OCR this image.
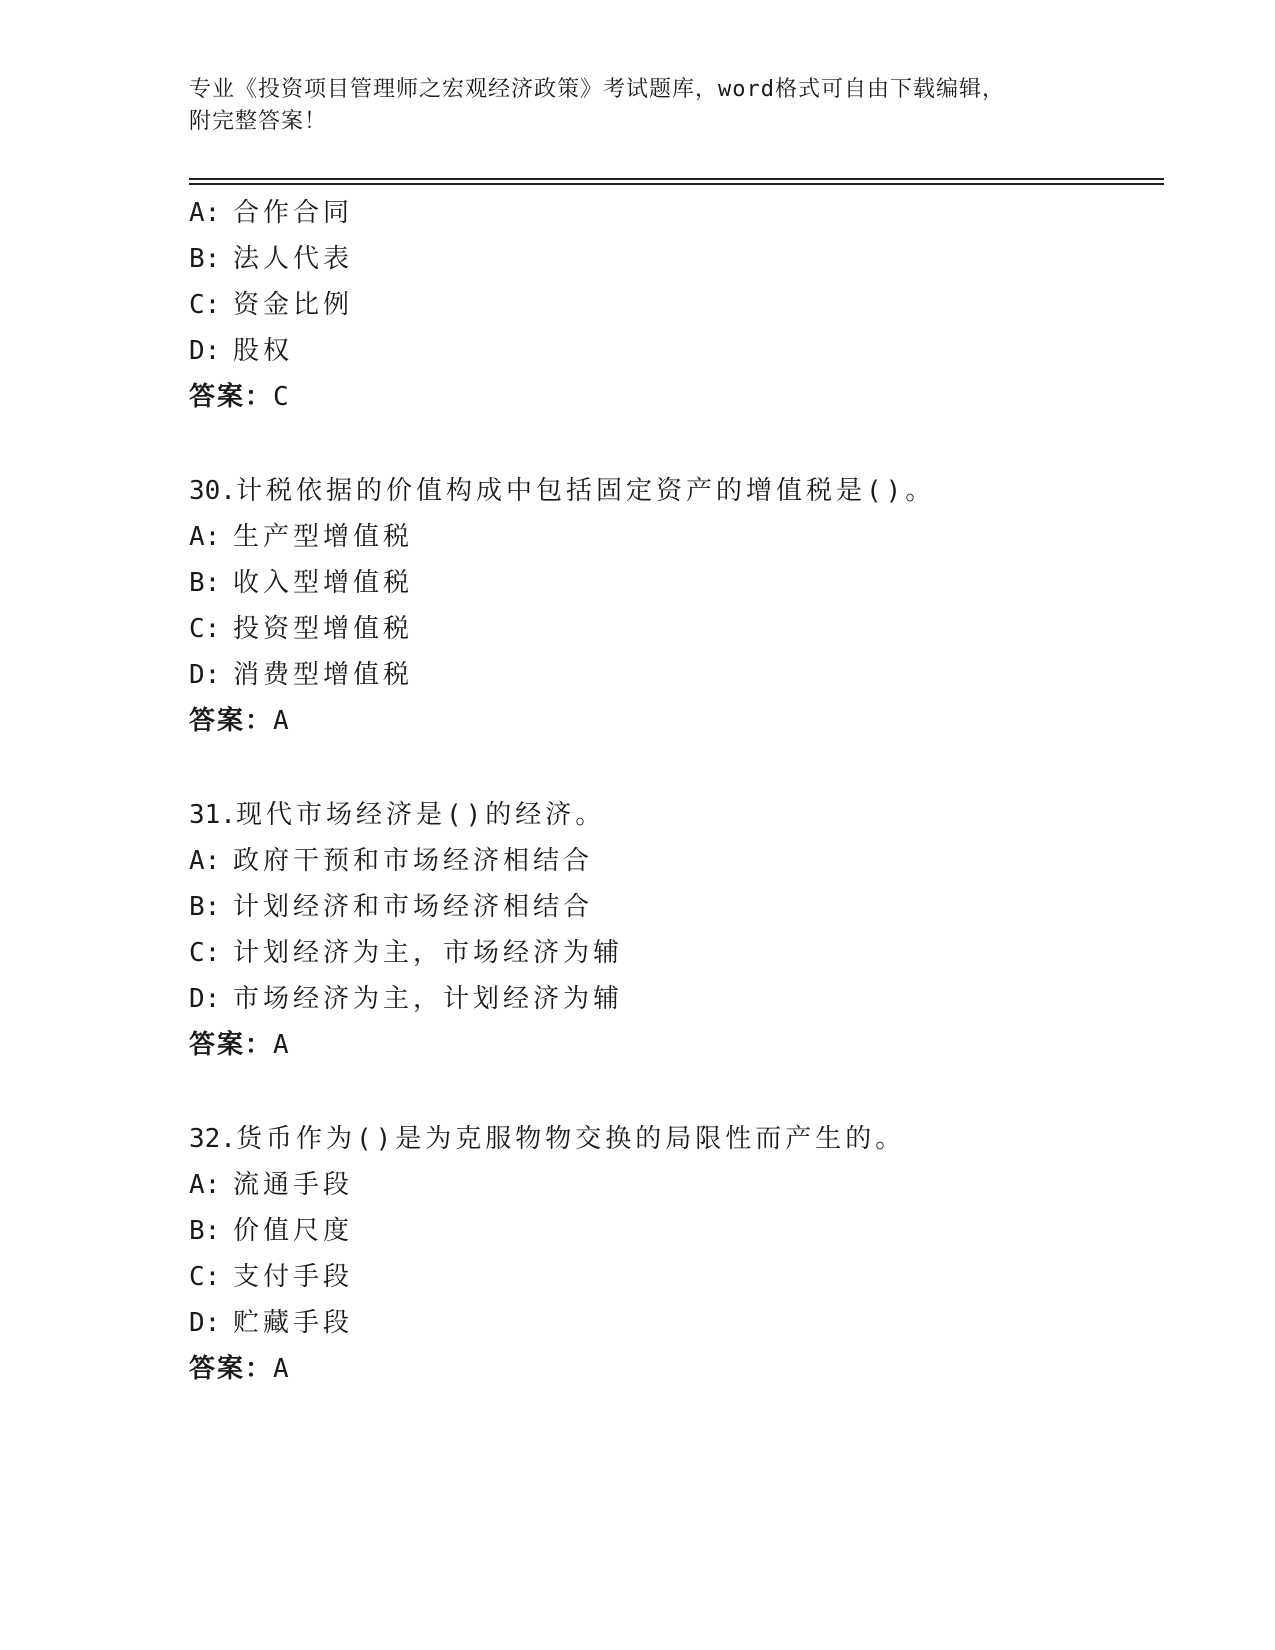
专业《投资项目管理师之宏观经济政策》考试题库，word格式可自由下载编辑，
附完整答案！
A: 合作合同
B: 法人代表
C: 资金比例
D: 股权
答案：C
30.计税依据的价值构成中包括固定资产的增值税是()。
A: 生产型增值税
B: 收入型增值税
C: 投资型增值税
D: 消费型增值税
答案：A
31.现代市场经济是()的经济。
A: 政府干预和市场经济相结合
B: 计划经济和市场经济相结合
C: 计划经济为主，市场经济为辅
D: 市场经济为主，计划经济为辅
答案：A
32.货币作为()是为克服物物交换的局限性而产生的。
A: 流通手段
B: 价值尺度
C: 支付手段
D: 贮藏手段
答案：A
